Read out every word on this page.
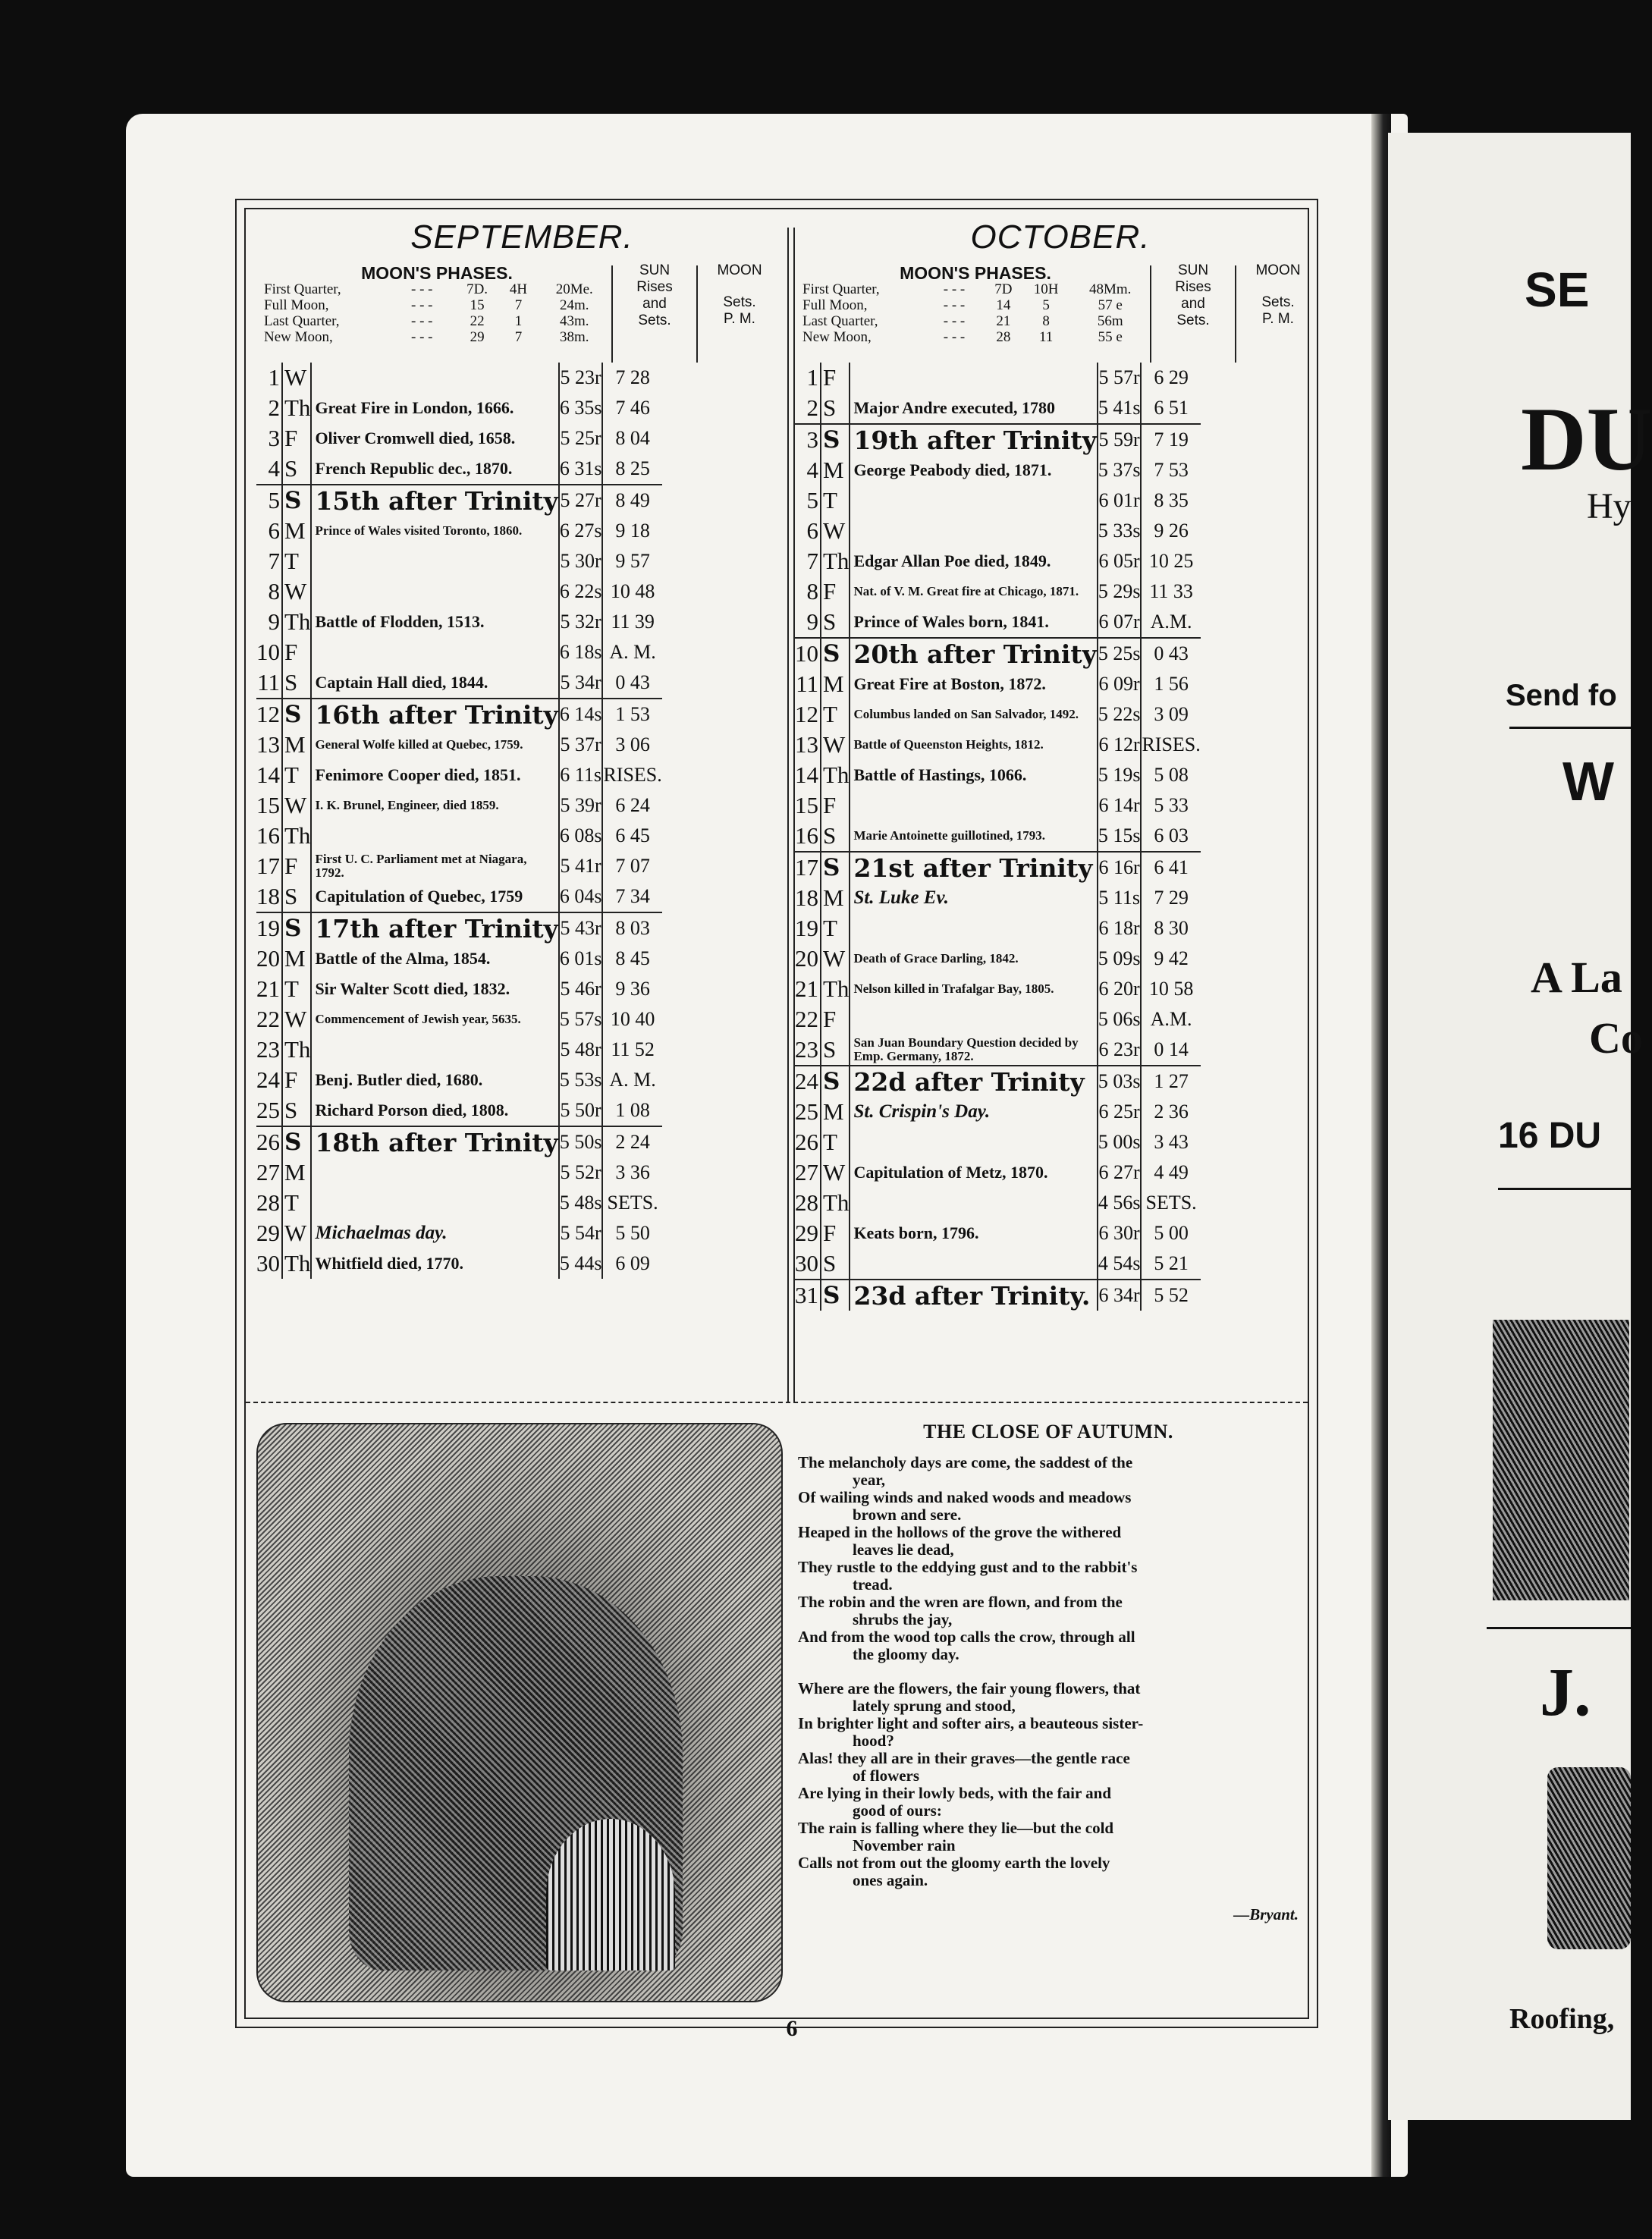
SEPTEMBER.
MOON'S PHASES.
First Quarter,	- - -	7D.	4H	20Me.
Full Moon,	- - -	15	7	24m.
Last Quarter,	- - -	22	1	43m.
New Moon,	- - -	29	7	38m.
SUN
Rises
and
Sets.
MOON
Sets.
P. M.
1	W		5 23r	7 28
2	Th	Great Fire in London, 1666.	6 35s	7 46
3	F	Oliver Cromwell died, 1658.	5 25r	8 04
4	S	French Republic dec., 1870.	6 31s	8 25
5	S	15th after Trinity	5 27r	8 49
6	M	Prince of Wales visited Toronto, 1860.	6 27s	9 18
7	T		5 30r	9 57
8	W		6 22s	10 48
9	Th	Battle of Flodden, 1513.	5 32r	11 39
10	F		6 18s	A. M.
11	S	Captain Hall died, 1844.	5 34r	0 43
12	S	16th after Trinity	6 14s	1 53
13	M	General Wolfe killed at Quebec, 1759.	5 37r	3 06
14	T	Fenimore Cooper died, 1851.	6 11s	RISES.
15	W	I. K. Brunel, Engineer, died 1859.	5 39r	6 24
16	Th		6 08s	6 45
17	F	First U. C. Parliament met at Niagara, 1792.	5 41r	7 07
18	S	Capitulation of Quebec, 1759	6 04s	7 34
19	S	17th after Trinity	5 43r	8 03
20	M	Battle of the Alma, 1854.	6 01s	8 45
21	T	Sir Walter Scott died, 1832.	5 46r	9 36
22	W	Commencement of Jewish year, 5635.	5 57s	10 40
23	Th		5 48r	11 52
24	F	Benj. Butler died, 1680.	5 53s	A. M.
25	S	Richard Porson died, 1808.	5 50r	1 08
26	S	18th after Trinity	5 50s	2 24
27	M		5 52r	3 36
28	T		5 48s	SETS.
29	W	Michaelmas day.	5 54r	5 50
30	Th	Whitfield died, 1770.	5 44s	6 09
OCTOBER.
MOON'S PHASES.
First Quarter,	- - -	7D	10H	48Mm.
Full Moon,	- - -	14	5	57 e
Last Quarter,	- - -	21	8	56m
New Moon,	- - -	28	11	55 e
SUN
Rises
and
Sets.
MOON
Sets.
P. M.
1	F		5 57r	6 29
2	S	Major Andre executed, 1780	5 41s	6 51
3	S	19th after Trinity	5 59r	7 19
4	M	George Peabody died, 1871.	5 37s	7 53
5	T		6 01r	8 35
6	W		5 33s	9 26
7	Th	Edgar Allan Poe died, 1849.	6 05r	10 25
8	F	Nat. of V. M. Great fire at Chicago, 1871.	5 29s	11 33
9	S	Prince of Wales born, 1841.	6 07r	A.M.
10	S	20th after Trinity	5 25s	0 43
11	M	Great Fire at Boston, 1872.	6 09r	1 56
12	T	Columbus landed on San Salvador, 1492.	5 22s	3 09
13	W	Battle of Queenston Heights, 1812.	6 12r	RISES.
14	Th	Battle of Hastings, 1066.	5 19s	5 08
15	F		6 14r	5 33
16	S	Marie Antoinette guillotined, 1793.	5 15s	6 03
17	S	21st after Trinity	6 16r	6 41
18	M	St. Luke Ev.	5 11s	7 29
19	T		6 18r	8 30
20	W	Death of Grace Darling, 1842.	5 09s	9 42
21	Th	Nelson killed in Trafalgar Bay, 1805.	6 20r	10 58
22	F		5 06s	A.M.
23	S	San Juan Boundary Question decided by Emp. Germany, 1872.	6 23r	0 14
24	S	22d after Trinity	5 03s	1 27
25	M	St. Crispin's Day.	6 25r	2 36
26	T		5 00s	3 43
27	W	Capitulation of Metz, 1870.	6 27r	4 49
28	Th		4 56s	SETS.
29	F	Keats born, 1796.	6 30r	5 00
30	S		4 54s	5 21
31	S	23d after Trinity.	6 34r	5 52
THE CLOSE OF AUTUMN.
The melancholy days are come, the saddest of the
year,
Of wailing winds and naked woods and meadows
brown and sere.
Heaped in the hollows of the grove the withered
leaves lie dead,
They rustle to the eddying gust and to the rabbit's
tread.
The robin and the wren are flown, and from the
shrubs the jay,
And from the wood top calls the crow, through all
the gloomy day.
Where are the flowers, the fair young flowers, that
lately sprung and stood,
In brighter light and softer airs, a beauteous sister-
hood?
Alas! they all are in their graves—the gentle race
of flowers
Are lying in their lowly beds, with the fair and
good of ours:
The rain is falling where they lie—but the cold
November rain
Calls not from out the gloomy earth the lovely
ones again.
—Bryant.
6
SE
DU
Hy
Send fo
W
A La
Co
16 DU
J.
Roofing,
